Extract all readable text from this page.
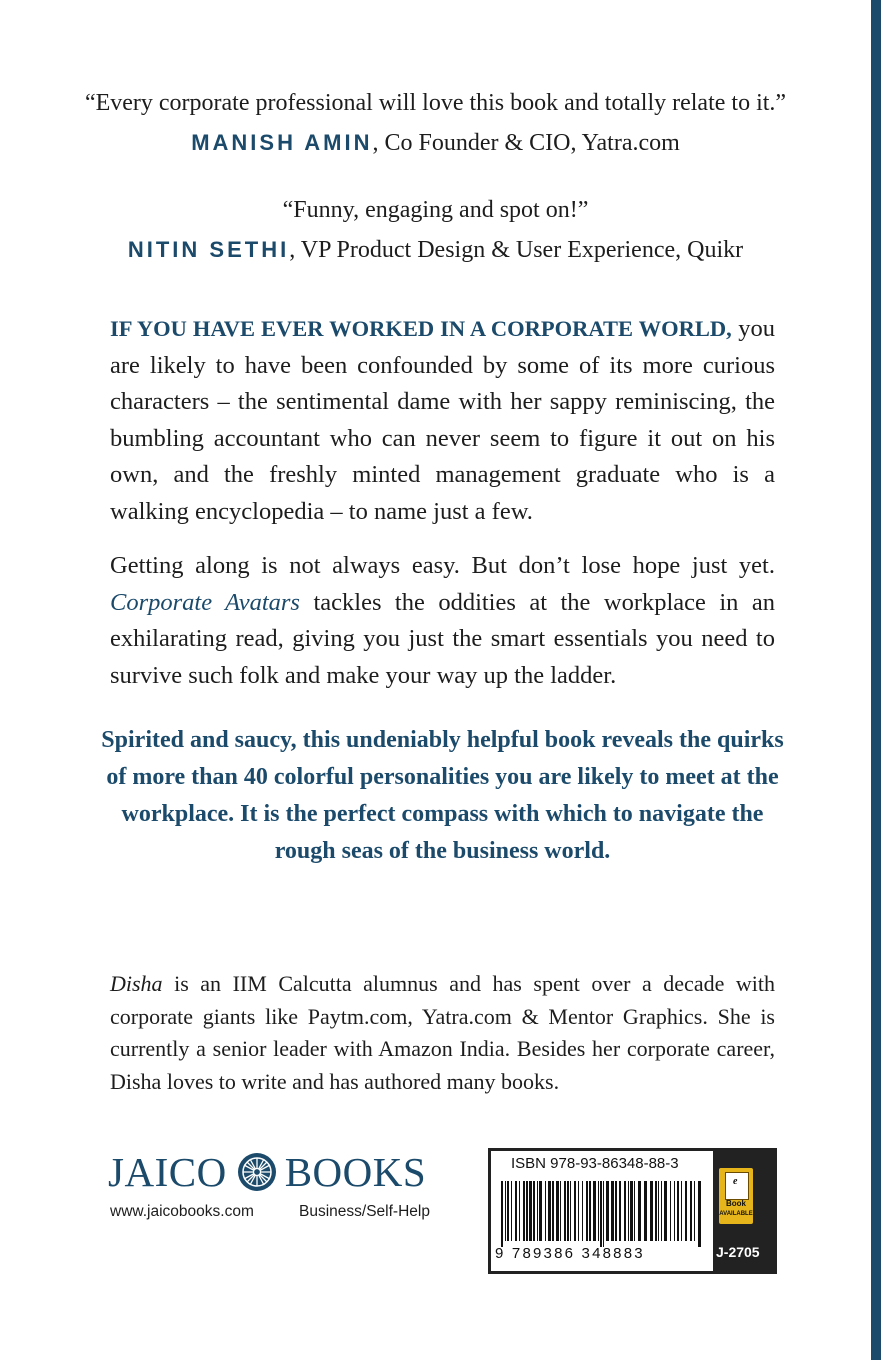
“Every corporate professional will love this book and totally relate to it.”
MANISH AMIN, Co Founder & CIO, Yatra.com
“Funny, engaging and spot on!”
NITIN SETHI, VP Product Design & User Experience, Quikr
IF YOU HAVE EVER WORKED IN A CORPORATE WORLD, you are likely to have been confounded by some of its more curious characters – the sentimental dame with her sappy reminiscing, the bumbling accountant who can never seem to figure it out on his own, and the freshly minted management graduate who is a walking encyclopedia – to name just a few.
Getting along is not always easy. But don’t lose hope just yet. Corporate Avatars tackles the oddities at the workplace in an exhilarating read, giving you just the smart essentials you need to survive such folk and make your way up the ladder.
Spirited and saucy, this undeniably helpful book reveals the quirks of more than 40 colorful personalities you are likely to meet at the workplace. It is the perfect compass with which to navigate the rough seas of the business world.
Disha is an IIM Calcutta alumnus and has spent over a decade with corporate giants like Paytm.com, Yatra.com & Mentor Graphics. She is currently a senior leader with Amazon India. Besides her corporate career, Disha loves to write and has authored many books.
JAICO BOOKS
www.jaicobooks.com	Business/Self-Help
ISBN 978-93-86348-88-3
9 789386 348883
e
Book
AVAILABLE
J-2705
